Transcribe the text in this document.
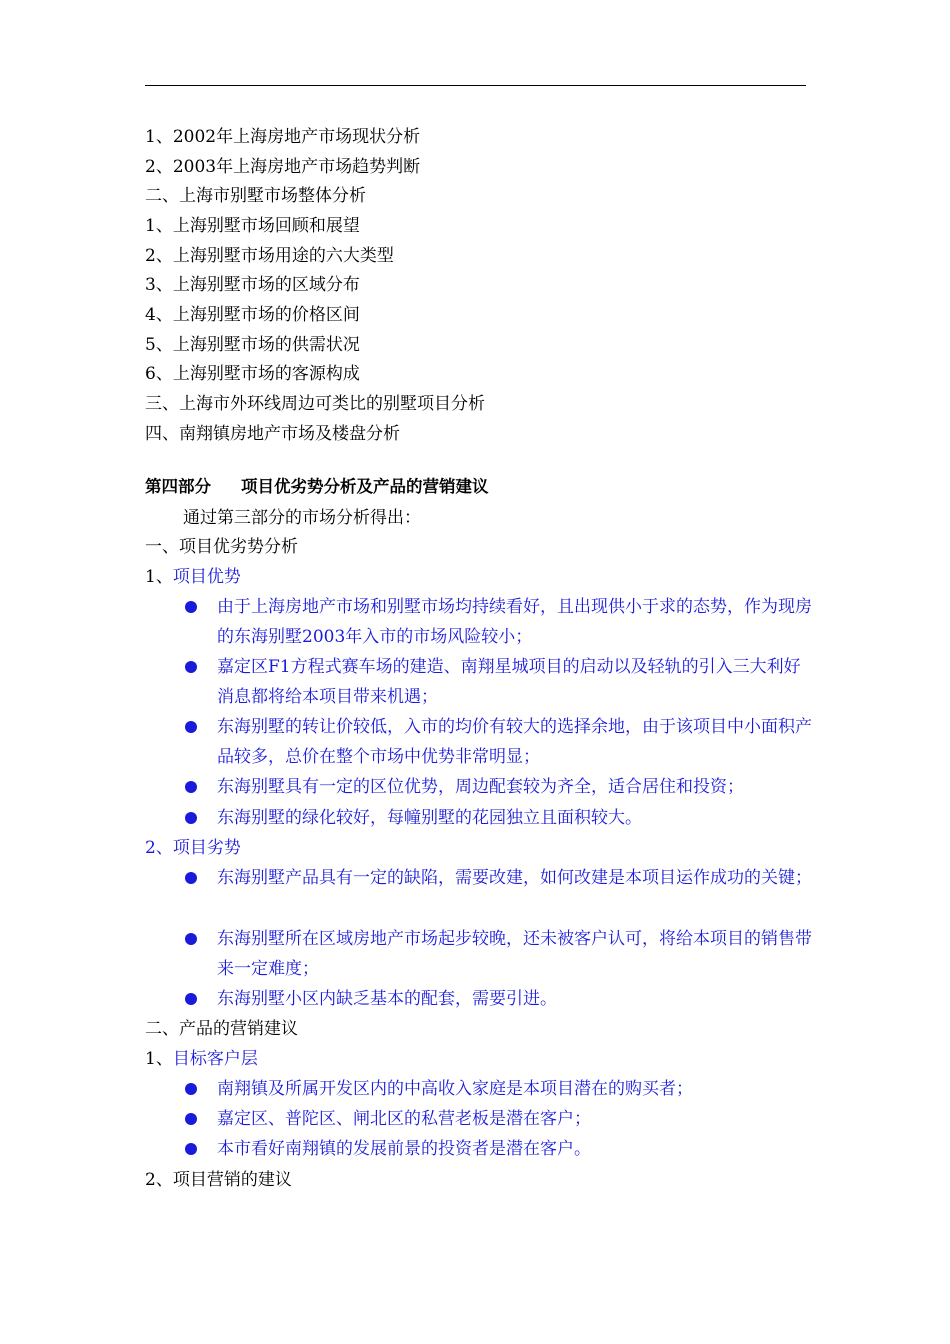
1、2002年上海房地产市场现状分析
2、2003年上海房地产市场趋势判断
二、上海市别墅市场整体分析
1、上海别墅市场回顾和展望
2、上海别墅市场用途的六大类型
3、上海别墅市场的区域分布
4、上海别墅市场的价格区间
5、上海别墅市场的供需状况
6、上海别墅市场的客源构成
三、上海市外环线周边可类比的别墅项目分析
四、南翔镇房地产市场及楼盘分析
第四部分 项目优劣势分析及产品的营销建议
通过第三部分的市场分析得出：
一、项目优劣势分析
1、项目优势
由于上海房地产市场和别墅市场均持续看好，且出现供小于求的态势，作为现房的东海别墅2003年入市的市场风险较小；
嘉定区F1方程式赛车场的建造、南翔星城项目的启动以及轻轨的引入三大利好消息都将给本项目带来机遇；
东海别墅的转让价较低，入市的均价有较大的选择余地，由于该项目中小面积产品较多，总价在整个市场中优势非常明显；
东海别墅具有一定的区位优势，周边配套较为齐全，适合居住和投资；
东海别墅的绿化较好，每幢别墅的花园独立且面积较大。
2、项目劣势
东海别墅产品具有一定的缺陷，需要改建，如何改建是本项目运作成功的关键；
东海别墅所在区域房地产市场起步较晚，还未被客户认可，将给本项目的销售带来一定难度；
东海别墅小区内缺乏基本的配套，需要引进。
二、产品的营销建议
1、目标客户层
南翔镇及所属开发区内的中高收入家庭是本项目潜在的购买者；
嘉定区、普陀区、闸北区的私营老板是潜在客户；
本市看好南翔镇的发展前景的投资者是潜在客户。
2、项目营销的建议
